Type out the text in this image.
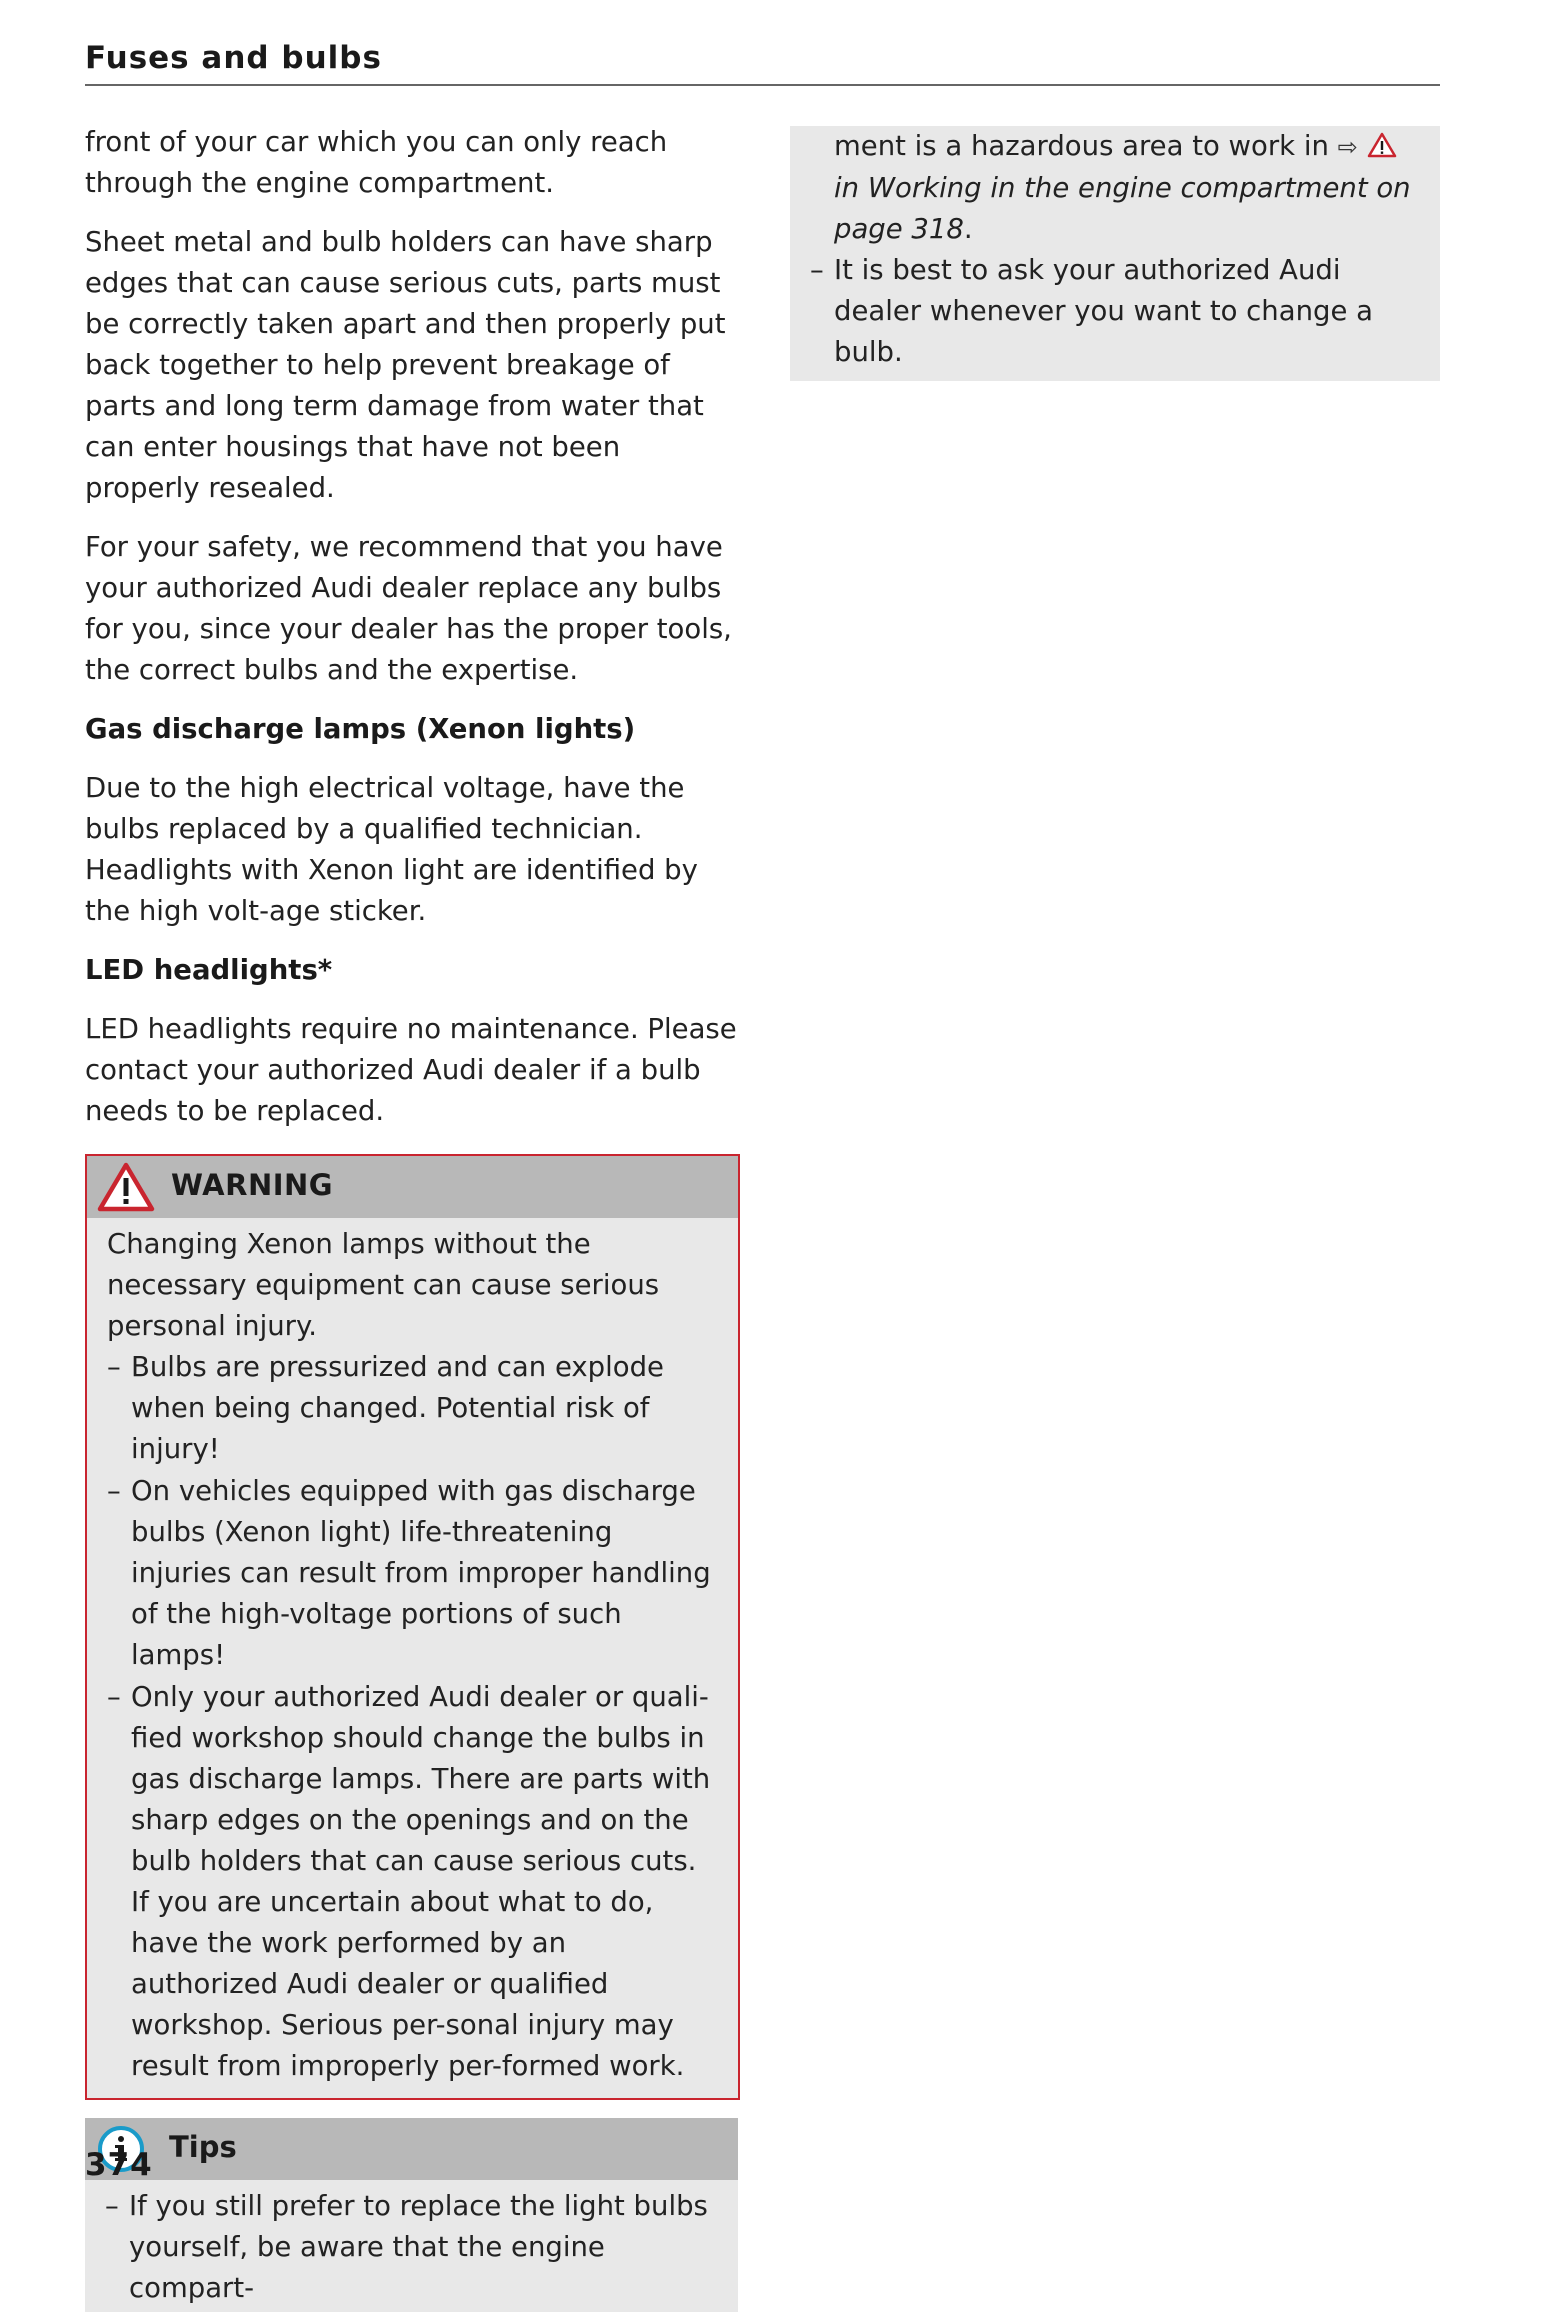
Fuses and bulbs

front of your car which you can only reach through the engine compartment.

Sheet metal and bulb holders can have sharp edges that can cause serious cuts, parts must be correctly taken apart and then properly put back together to help prevent breakage of parts and long term damage from water that can enter housings that have not been properly resealed.

For your safety, we recommend that you have your authorized Audi dealer replace any bulbs for you, since your dealer has the proper tools, the correct bulbs and the expertise.

Gas discharge lamps (Xenon lights)

Due to the high electrical voltage, have the bulbs replaced by a qualified technician. Headlights with Xenon light are identified by the high volt-age sticker.

LED headlights*

LED headlights require no maintenance. Please contact your authorized Audi dealer if a bulb needs to be replaced.

WARNING

Changing Xenon lamps without the necessary equipment can cause serious personal injury.

– Bulbs are pressurized and can explode when being changed. Potential risk of injury!
– On vehicles equipped with gas discharge bulbs (Xenon light) life-threatening injuries can result from improper handling of the high-voltage portions of such lamps!
– Only your authorized Audi dealer or quali-fied workshop should change the bulbs in gas discharge lamps. There are parts with sharp edges on the openings and on the bulb holders that can cause serious cuts. If you are uncertain about what to do, have the work performed by an authorized Audi dealer or qualified workshop. Serious per-sonal injury may result from improperly per-formed work.
Tips
– If you still prefer to replace the light bulbs yourself, be aware that the engine compart-
ment is a hazardous area to work in ⇨  in Working in the engine compartment on page 318.
– It is best to ask your authorized Audi dealer whenever you want to change a bulb.
374
